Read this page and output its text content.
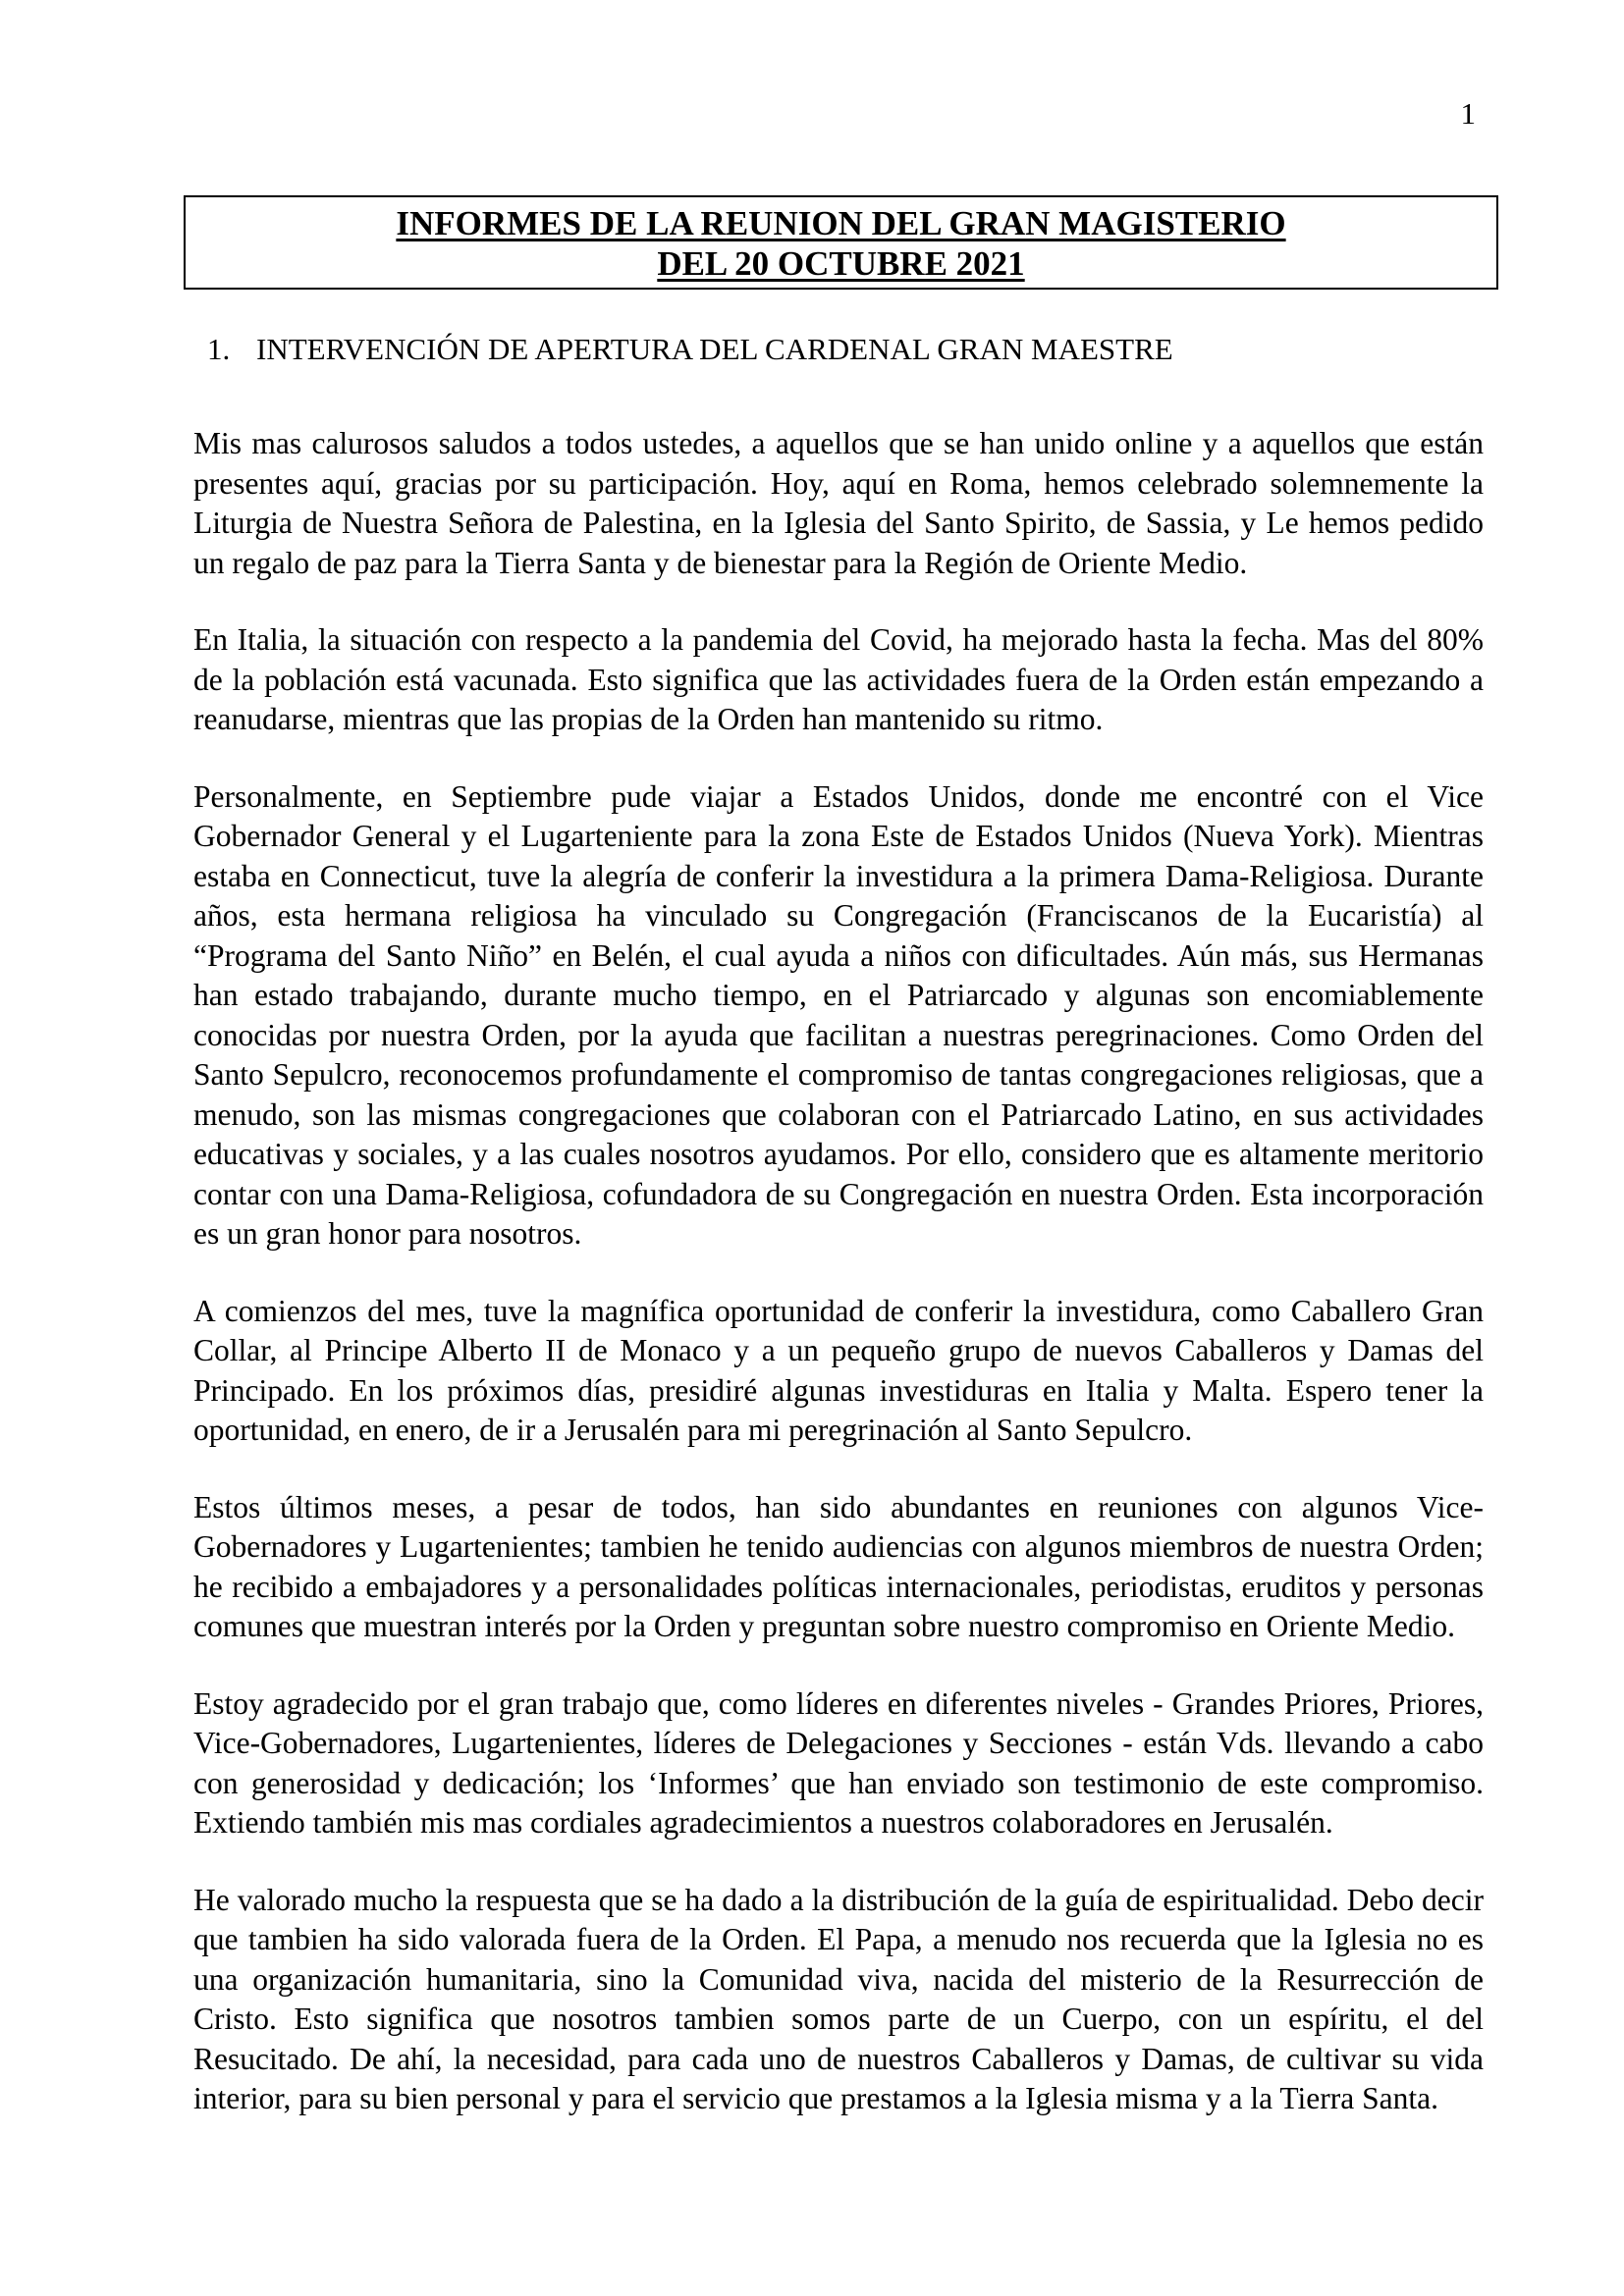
1
INFORMES DE LA REUNION DEL GRAN MAGISTERIO
DEL 20 OCTUBRE 2021
1. INTERVENCIÓN DE APERTURA DEL CARDENAL GRAN MAESTRE

Mis mas calurosos saludos a todos ustedes, a aquellos que se han unido online y a aquellos que están presentes aquí, gracias por su participación. Hoy, aquí en Roma, hemos celebrado solemnemente la Liturgia de Nuestra Señora de Palestina, en la Iglesia del Santo Spirito, de Sassia, y Le hemos pedido un regalo de paz para la Tierra Santa y de bienestar para la Región de Oriente Medio.

En Italia, la situación con respecto a la pandemia del Covid, ha mejorado hasta la fecha. Mas del 80% de la población está vacunada. Esto significa que las actividades fuera de la Orden están empezando a reanudarse, mientras que las propias de la Orden han mantenido su ritmo.

Personalmente, en Septiembre pude viajar a Estados Unidos, donde me encontré con el Vice Gobernador General y el Lugarteniente para la zona Este de Estados Unidos (Nueva York). Mientras estaba en Connecticut, tuve la alegría de conferir la investidura a la primera Dama-Religiosa. Durante años, esta hermana religiosa ha vinculado su Congregación (Franciscanos de la Eucaristía) al “Programa del Santo Niño” en Belén, el cual ayuda a niños con dificultades. Aún más, sus Hermanas han estado trabajando, durante mucho tiempo, en el Patriarcado y algunas son encomiablemente conocidas por nuestra Orden, por la ayuda que facilitan a nuestras peregrinaciones. Como Orden del Santo Sepulcro, reconocemos profundamente el compromiso de tantas congregaciones religiosas, que a menudo, son las mismas congregaciones que colaboran con el Patriarcado Latino, en sus actividades educativas y sociales, y a las cuales nosotros ayudamos. Por ello, considero que es altamente meritorio contar con una Dama-Religiosa, cofundadora de su Congregación en nuestra Orden. Esta incorporación es un gran honor para nosotros.

A comienzos del mes, tuve la magnífica oportunidad de conferir la investidura, como Caballero Gran Collar, al Principe Alberto II de Monaco y a un pequeño grupo de nuevos Caballeros y Damas del Principado. En los próximos días, presidiré algunas investiduras en Italia y Malta. Espero tener la oportunidad, en enero, de ir a Jerusalén para mi peregrinación al Santo Sepulcro.

Estos últimos meses, a pesar de todos, han sido abundantes en reuniones con algunos Vice-Gobernadores y Lugartenientes; tambien he tenido audiencias con algunos miembros de nuestra Orden; he recibido a embajadores y a personalidades políticas internacionales, periodistas, eruditos y personas comunes que muestran interés por la Orden y preguntan sobre nuestro compromiso en Oriente Medio.

Estoy agradecido por el gran trabajo que, como líderes en diferentes niveles - Grandes Priores, Priores, Vice-Gobernadores, Lugartenientes, líderes de Delegaciones y Secciones - están Vds. llevando a cabo con generosidad y dedicación; los ‘Informes’ que han enviado son testimonio de este compromiso. Extiendo también mis mas cordiales agradecimientos a nuestros colaboradores en Jerusalén.

He valorado mucho la respuesta que se ha dado a la distribución de la guía de espiritualidad. Debo decir que tambien ha sido valorada fuera de la Orden. El Papa, a menudo nos recuerda que la Iglesia no es una organización humanitaria, sino la Comunidad viva, nacida del misterio de la Resurrección de Cristo. Esto significa que nosotros tambien somos parte de un Cuerpo, con un espíritu, el del Resucitado. De ahí, la necesidad, para cada uno de nuestros Caballeros y Damas, de cultivar su vida interior, para su bien personal y para el servicio que prestamos a la Iglesia misma y a la Tierra Santa.
